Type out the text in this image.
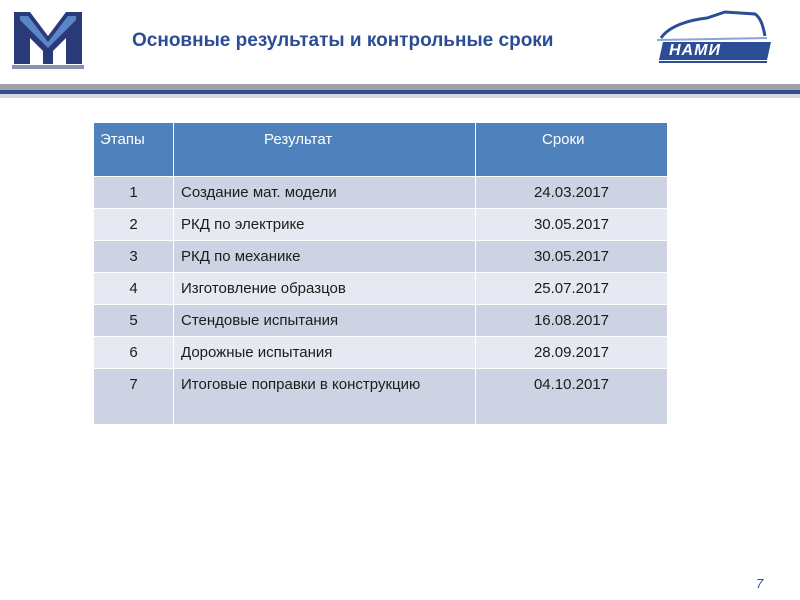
Основные результаты и контрольные сроки	НАМИ
Этапы	Результат	Сроки
1	Создание мат. модели	24.03.2017
2	РКД по электрике	30.05.2017
3	РКД по механике	30.05.2017
4	Изготовление образцов	25.07.2017
5	Стендовые испытания	16.08.2017
6	Дорожные испытания	28.09.2017
7	Итоговые поправки в конструкцию	04.10.2017
7
